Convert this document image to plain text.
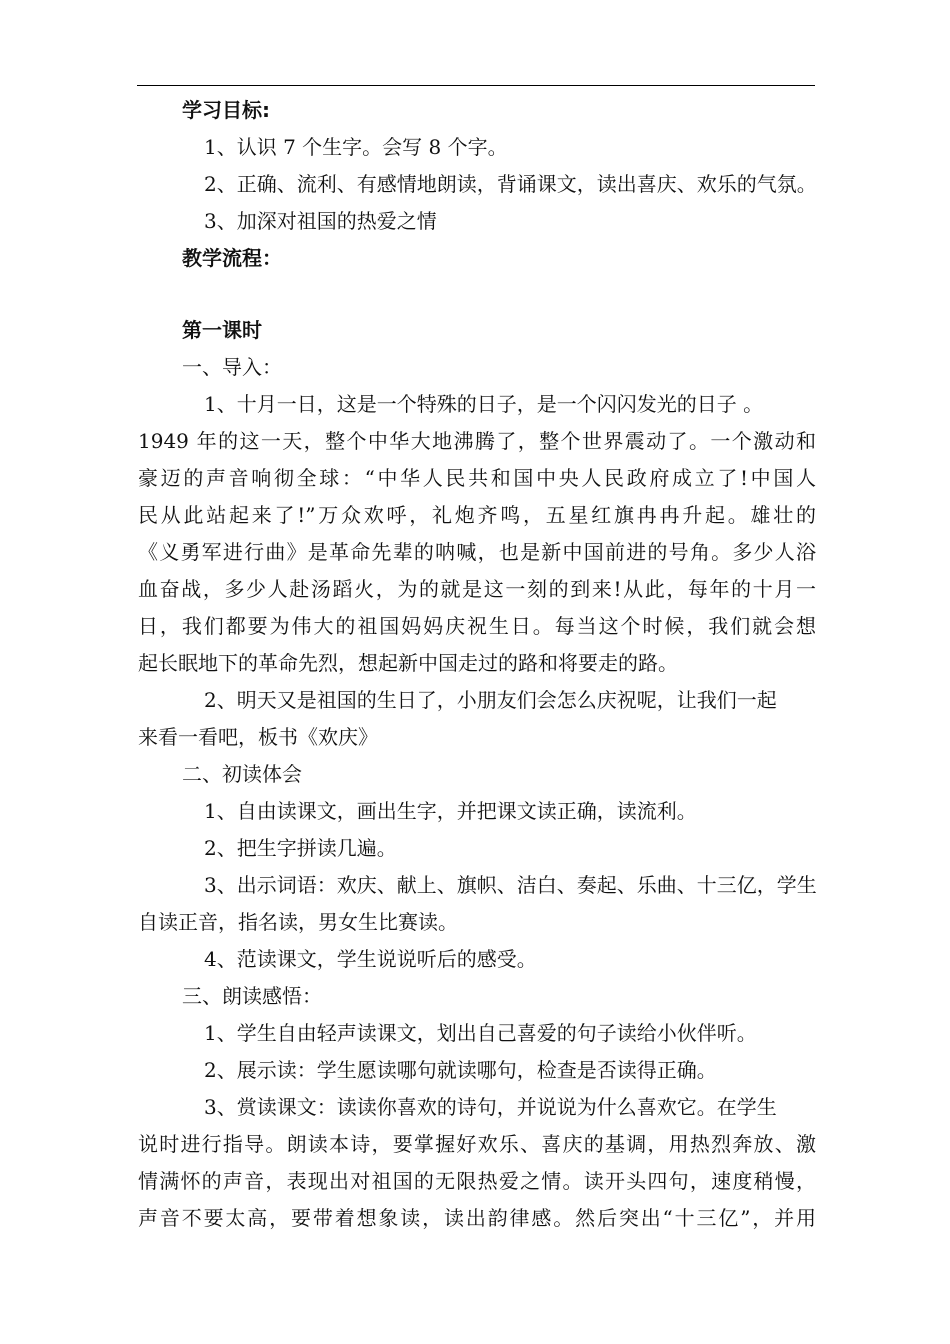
学习目标:
1、认识 7 个生字。会写 8 个字。
2、正确、流利、有感情地朗读，背诵课文，读出喜庆、欢乐的气氛。
3、加深对祖国的热爱之情
教学流程：
第一课时
一、导入：
1、十月一日，这是一个特殊的日子，是一个闪闪发光的日子 。
1949 年的这一天，整个中华大地沸腾了，整个世界震动了。一个激动和
豪迈的声音响彻全球：“中华人民共和国中央人民政府成立了!中国人
民从此站起来了!”万众欢呼，礼炮齐鸣，五星红旗冉冉升起。雄壮的
《义勇军进行曲》是革命先辈的呐喊，也是新中国前进的号角。多少人浴
血奋战，多少人赴汤蹈火，为的就是这一刻的到来!从此，每年的十月一
日，我们都要为伟大的祖国妈妈庆祝生日。每当这个时候，我们就会想
起长眠地下的革命先烈，想起新中国走过的路和将要走的路。
2、明天又是祖国的生日了，小朋友们会怎么庆祝呢，让我们一起
来看一看吧，板书《欢庆》
二、初读体会
1、自由读课文，画出生字，并把课文读正确，读流利。
2、把生字拼读几遍。
3、出示词语：欢庆、献上、旗帜、洁白、奏起、乐曲、十三亿，学生
自读正音，指名读，男女生比赛读。
4、范读课文，学生说说听后的感受。
三、朗读感悟：
1、学生自由轻声读课文，划出自己喜爱的句子读给小伙伴听。
2、展示读：学生愿读哪句就读哪句，检查是否读得正确。
3、赏读课文：读读你喜欢的诗句，并说说为什么喜欢它。在学生
说时进行指导。朗读本诗，要掌握好欢乐、喜庆的基调，用热烈奔放、激
情满怀的声音，表现出对祖国的无限热爱之情。读开头四句，速度稍慢，
声音不要太高，要带着想象读，读出韵律感。然后突出“十三亿”，并用
